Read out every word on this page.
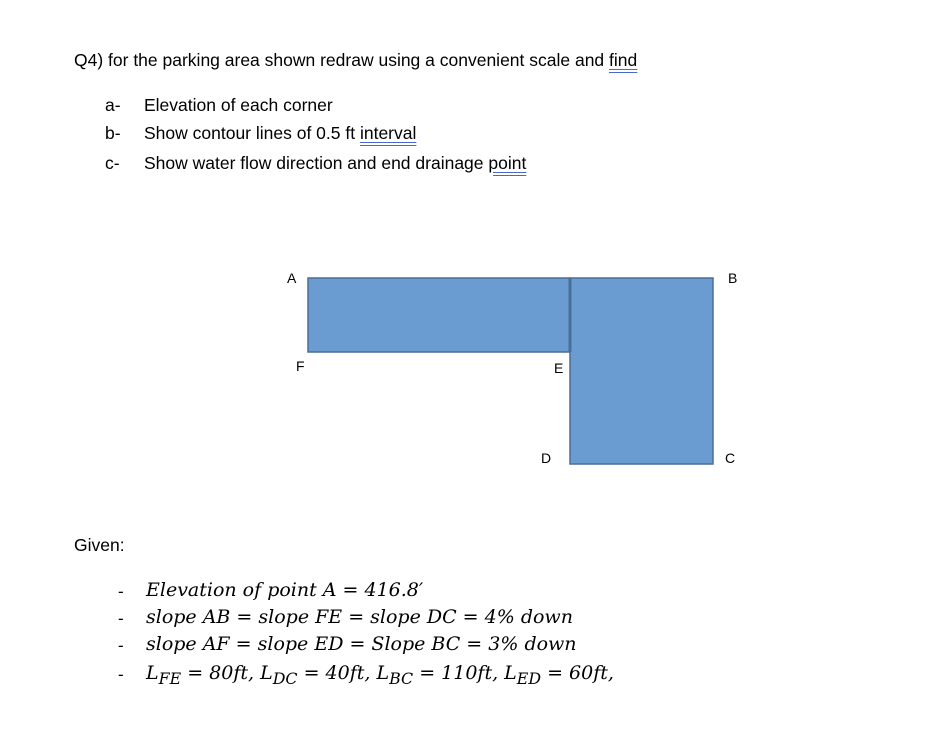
Q4) for the parking area shown redraw using a convenient scale and find
a- Elevation of each corner
b- Show contour lines of 0.5 ft interval
c- Show water flow direction and end drainage point
A	B
F	E
D	C
Given:
- Elevation of point A = 416.8′
- slope AB = slope FE = slope DC = 4% down
- slope AF = slope ED = Slope BC = 3% down
- $L_{FE} = 80ft$, $L_{DC} = 40ft$, $L_{BC} = 110ft$, $L_{ED} = 60ft$,
